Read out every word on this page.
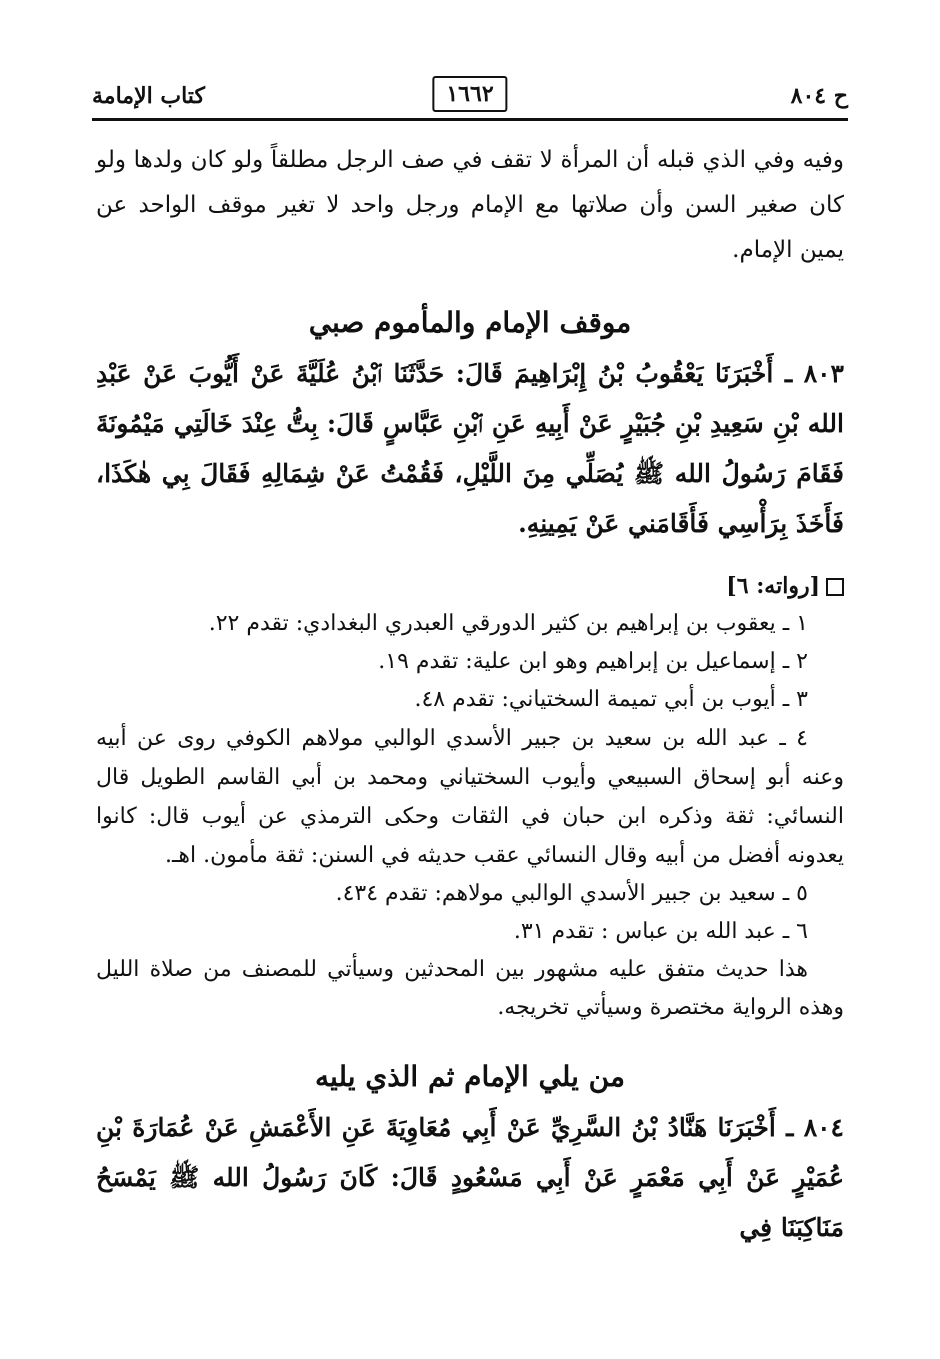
ح ٨٠٤
١٦٦٢
كتاب الإمامة

وفيه وفي الذي قبله أن المرأة لا تقف في صف الرجل مطلقاً ولو كان ولدها ولو كان صغير السن وأن صلاتها مع الإمام ورجل واحد لا تغير موقف الواحد عن يمين الإمام.

موقف الإمام والمأموم صبي

٨٠٣ ـ أَخْبَرَنَا يَعْقُوبُ بْنُ إِبْرَاهِيمَ قَالَ: حَدَّثَنَا ٱبْنُ عُلَيَّةَ عَنْ أَيُّوبَ عَنْ عَبْدِ الله بْنِ سَعِيدِ بْنِ جُبَيْرٍ عَنْ أَبِيهِ عَنِ ٱبْنِ عَبَّاسٍ قَالَ: بِتُّ عِنْدَ خَالَتِي مَيْمُونَةَ فَقَامَ رَسُولُ الله ﷺ يُصَلِّي مِنَ اللَّيْلِ، فَقُمْتُ عَنْ شِمَالِهِ فَقَالَ بِي هٰكَذَا، فَأَخَذَ بِرَأْسِي فَأَقَامَني عَنْ يَمِينِهِ.

[رواته: ٦]
١ ـ يعقوب بن إبراهيم بن كثير الدورقي العبدري البغدادي: تقدم ٢٢.
٢ ـ إسماعيل بن إبراهيم وهو ابن علية: تقدم ١٩.
٣ ـ أيوب بن أبي تميمة السختياني: تقدم ٤٨.
٤ ـ عبد الله بن سعيد بن جبير الأسدي الوالبي مولاهم الكوفي روى عن أبيه وعنه أبو إسحاق السبيعي وأيوب السختياني ومحمد بن أبي القاسم الطويل قال النسائي: ثقة وذكره ابن حبان في الثقات وحكى الترمذي عن أيوب قال: كانوا يعدونه أفضل من أبيه وقال النسائي عقب حديثه في السنن: ثقة مأمون. اهـ.
٥ ـ سعيد بن جبير الأسدي الوالبي مولاهم: تقدم ٤٣٤.
٦ ـ عبد الله بن عباس : تقدم ٣١.

هذا حديث متفق عليه مشهور بين المحدثين وسيأتي للمصنف من صلاة الليل وهذه الرواية مختصرة وسيأتي تخريجه.

من يلي الإمام ثم الذي يليه

٨٠٤ ـ أَخْبَرَنَا هَنَّادُ بْنُ السَّرِيِّ عَنْ أَبِي مُعَاوِيَةَ عَنِ الأَعْمَشِ عَنْ عُمَارَةَ بْنِ عُمَيْرٍ عَنْ أَبِي مَعْمَرٍ عَنْ أَبِي مَسْعُودٍ قَالَ: كَانَ رَسُولُ الله ﷺ يَمْسَحُ مَنَاكِبَنَا فِي
